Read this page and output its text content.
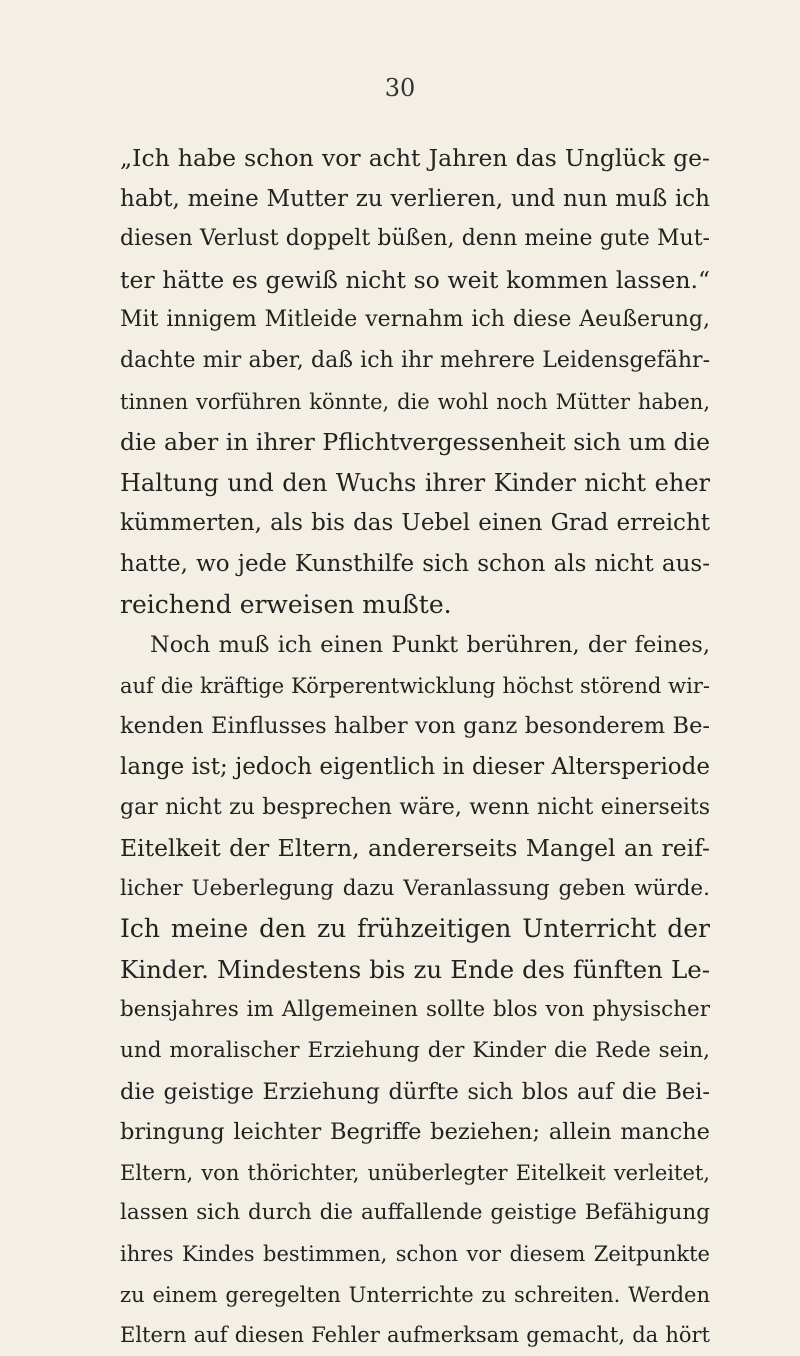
30
„Ich habe schon vor acht Jahren das Unglück ge-
habt, meine Mutter zu verlieren, und nun muß ich
diesen Verlust doppelt büßen, denn meine gute Mut-
ter hätte es gewiß nicht so weit kommen lassen.“
Mit innigem Mitleide vernahm ich diese Aeußerung,
dachte mir aber, daß ich ihr mehrere Leidensgefähr-
tinnen vorführen könnte, die wohl noch Mütter haben,
die aber in ihrer Pflichtvergessenheit sich um die
Haltung und den Wuchs ihrer Kinder nicht eher
kümmerten, als bis das Uebel einen Grad erreicht
hatte, wo jede Kunsthilfe sich schon als nicht aus-
reichend erweisen mußte.
Noch muß ich einen Punkt berühren, der feines,
auf die kräftige Körperentwicklung höchst störend wir-
kenden Einflusses halber von ganz besonderem Be-
lange ist; jedoch eigentlich in dieser Altersperiode
gar nicht zu besprechen wäre, wenn nicht einerseits
Eitelkeit der Eltern, andererseits Mangel an reif-
licher Ueberlegung dazu Veranlassung geben würde.
Ich meine den zu frühzeitigen Unterricht der
Kinder. Mindestens bis zu Ende des fünften Le-
bensjahres im Allgemeinen sollte blos von physischer
und moralischer Erziehung der Kinder die Rede sein,
die geistige Erziehung dürfte sich blos auf die Bei-
bringung leichter Begriffe beziehen; allein manche
Eltern, von thörichter, unüberlegter Eitelkeit verleitet,
lassen sich durch die auffallende geistige Befähigung
ihres Kindes bestimmen, schon vor diesem Zeitpunkte
zu einem geregelten Unterrichte zu schreiten. Werden
Eltern auf diesen Fehler aufmerksam gemacht, da hört
